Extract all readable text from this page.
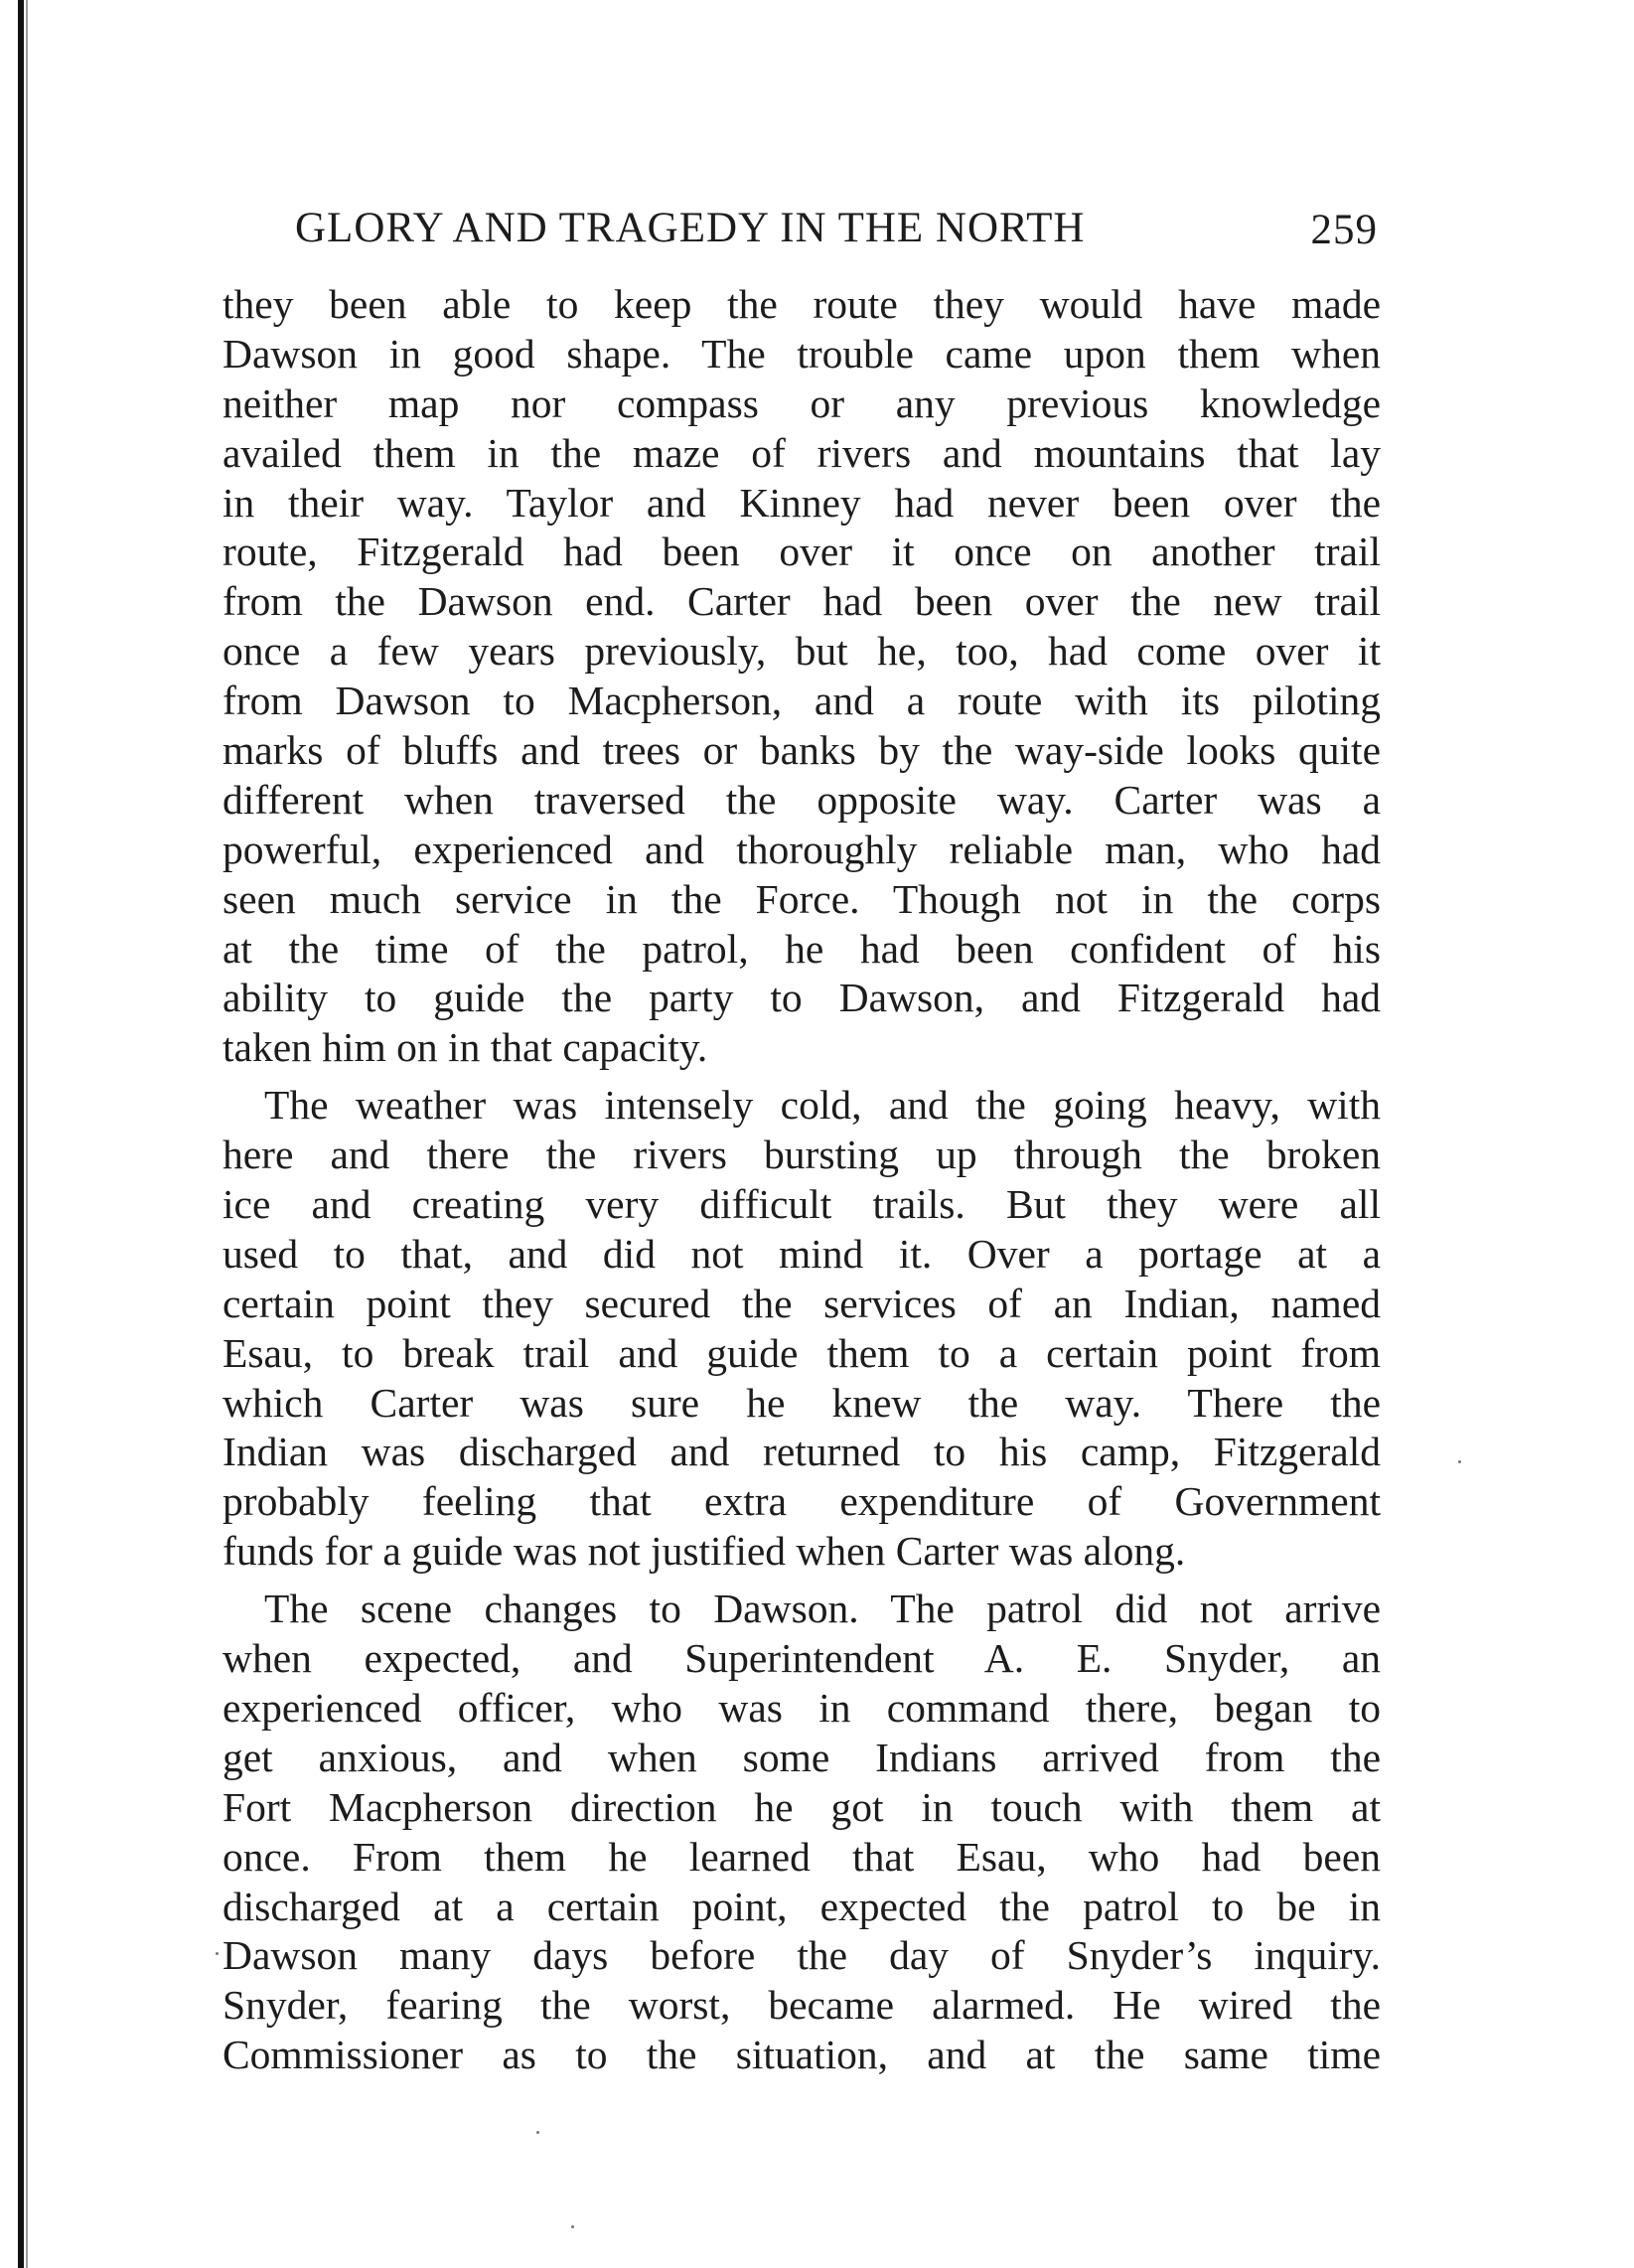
GLORY AND TRAGEDY IN THE NORTH	259
they been able to keep the route they would have made
Dawson in good shape. The trouble came upon them when
neither map nor compass or any previous knowledge
availed them in the maze of rivers and mountains that lay
in their way. Taylor and Kinney had never been over the
route, Fitzgerald had been over it once on another trail
from the Dawson end. Carter had been over the new trail
once a few years previously, but he, too, had come over it
from Dawson to Macpherson, and a route with its piloting
marks of bluffs and trees or banks by the way-side looks quite
different when traversed the opposite way. Carter was a
powerful, experienced and thoroughly reliable man, who had
seen much service in the Force. Though not in the corps
at the time of the patrol, he had been confident of his
ability to guide the party to Dawson, and Fitzgerald had
taken him on in that capacity.
The weather was intensely cold, and the going heavy, with
here and there the rivers bursting up through the broken
ice and creating very difficult trails. But they were all
used to that, and did not mind it. Over a portage at a
certain point they secured the services of an Indian, named
Esau, to break trail and guide them to a certain point from
which Carter was sure he knew the way. There the
Indian was discharged and returned to his camp, Fitzgerald
probably feeling that extra expenditure of Government
funds for a guide was not justified when Carter was along.
The scene changes to Dawson. The patrol did not arrive
when expected, and Superintendent A. E. Snyder, an
experienced officer, who was in command there, began to
get anxious, and when some Indians arrived from the
Fort Macpherson direction he got in touch with them at
once. From them he learned that Esau, who had been
discharged at a certain point, expected the patrol to be in
Dawson many days before the day of Snyder’s inquiry.
Snyder, fearing the worst, became alarmed. He wired the
Commissioner as to the situation, and at the same time
